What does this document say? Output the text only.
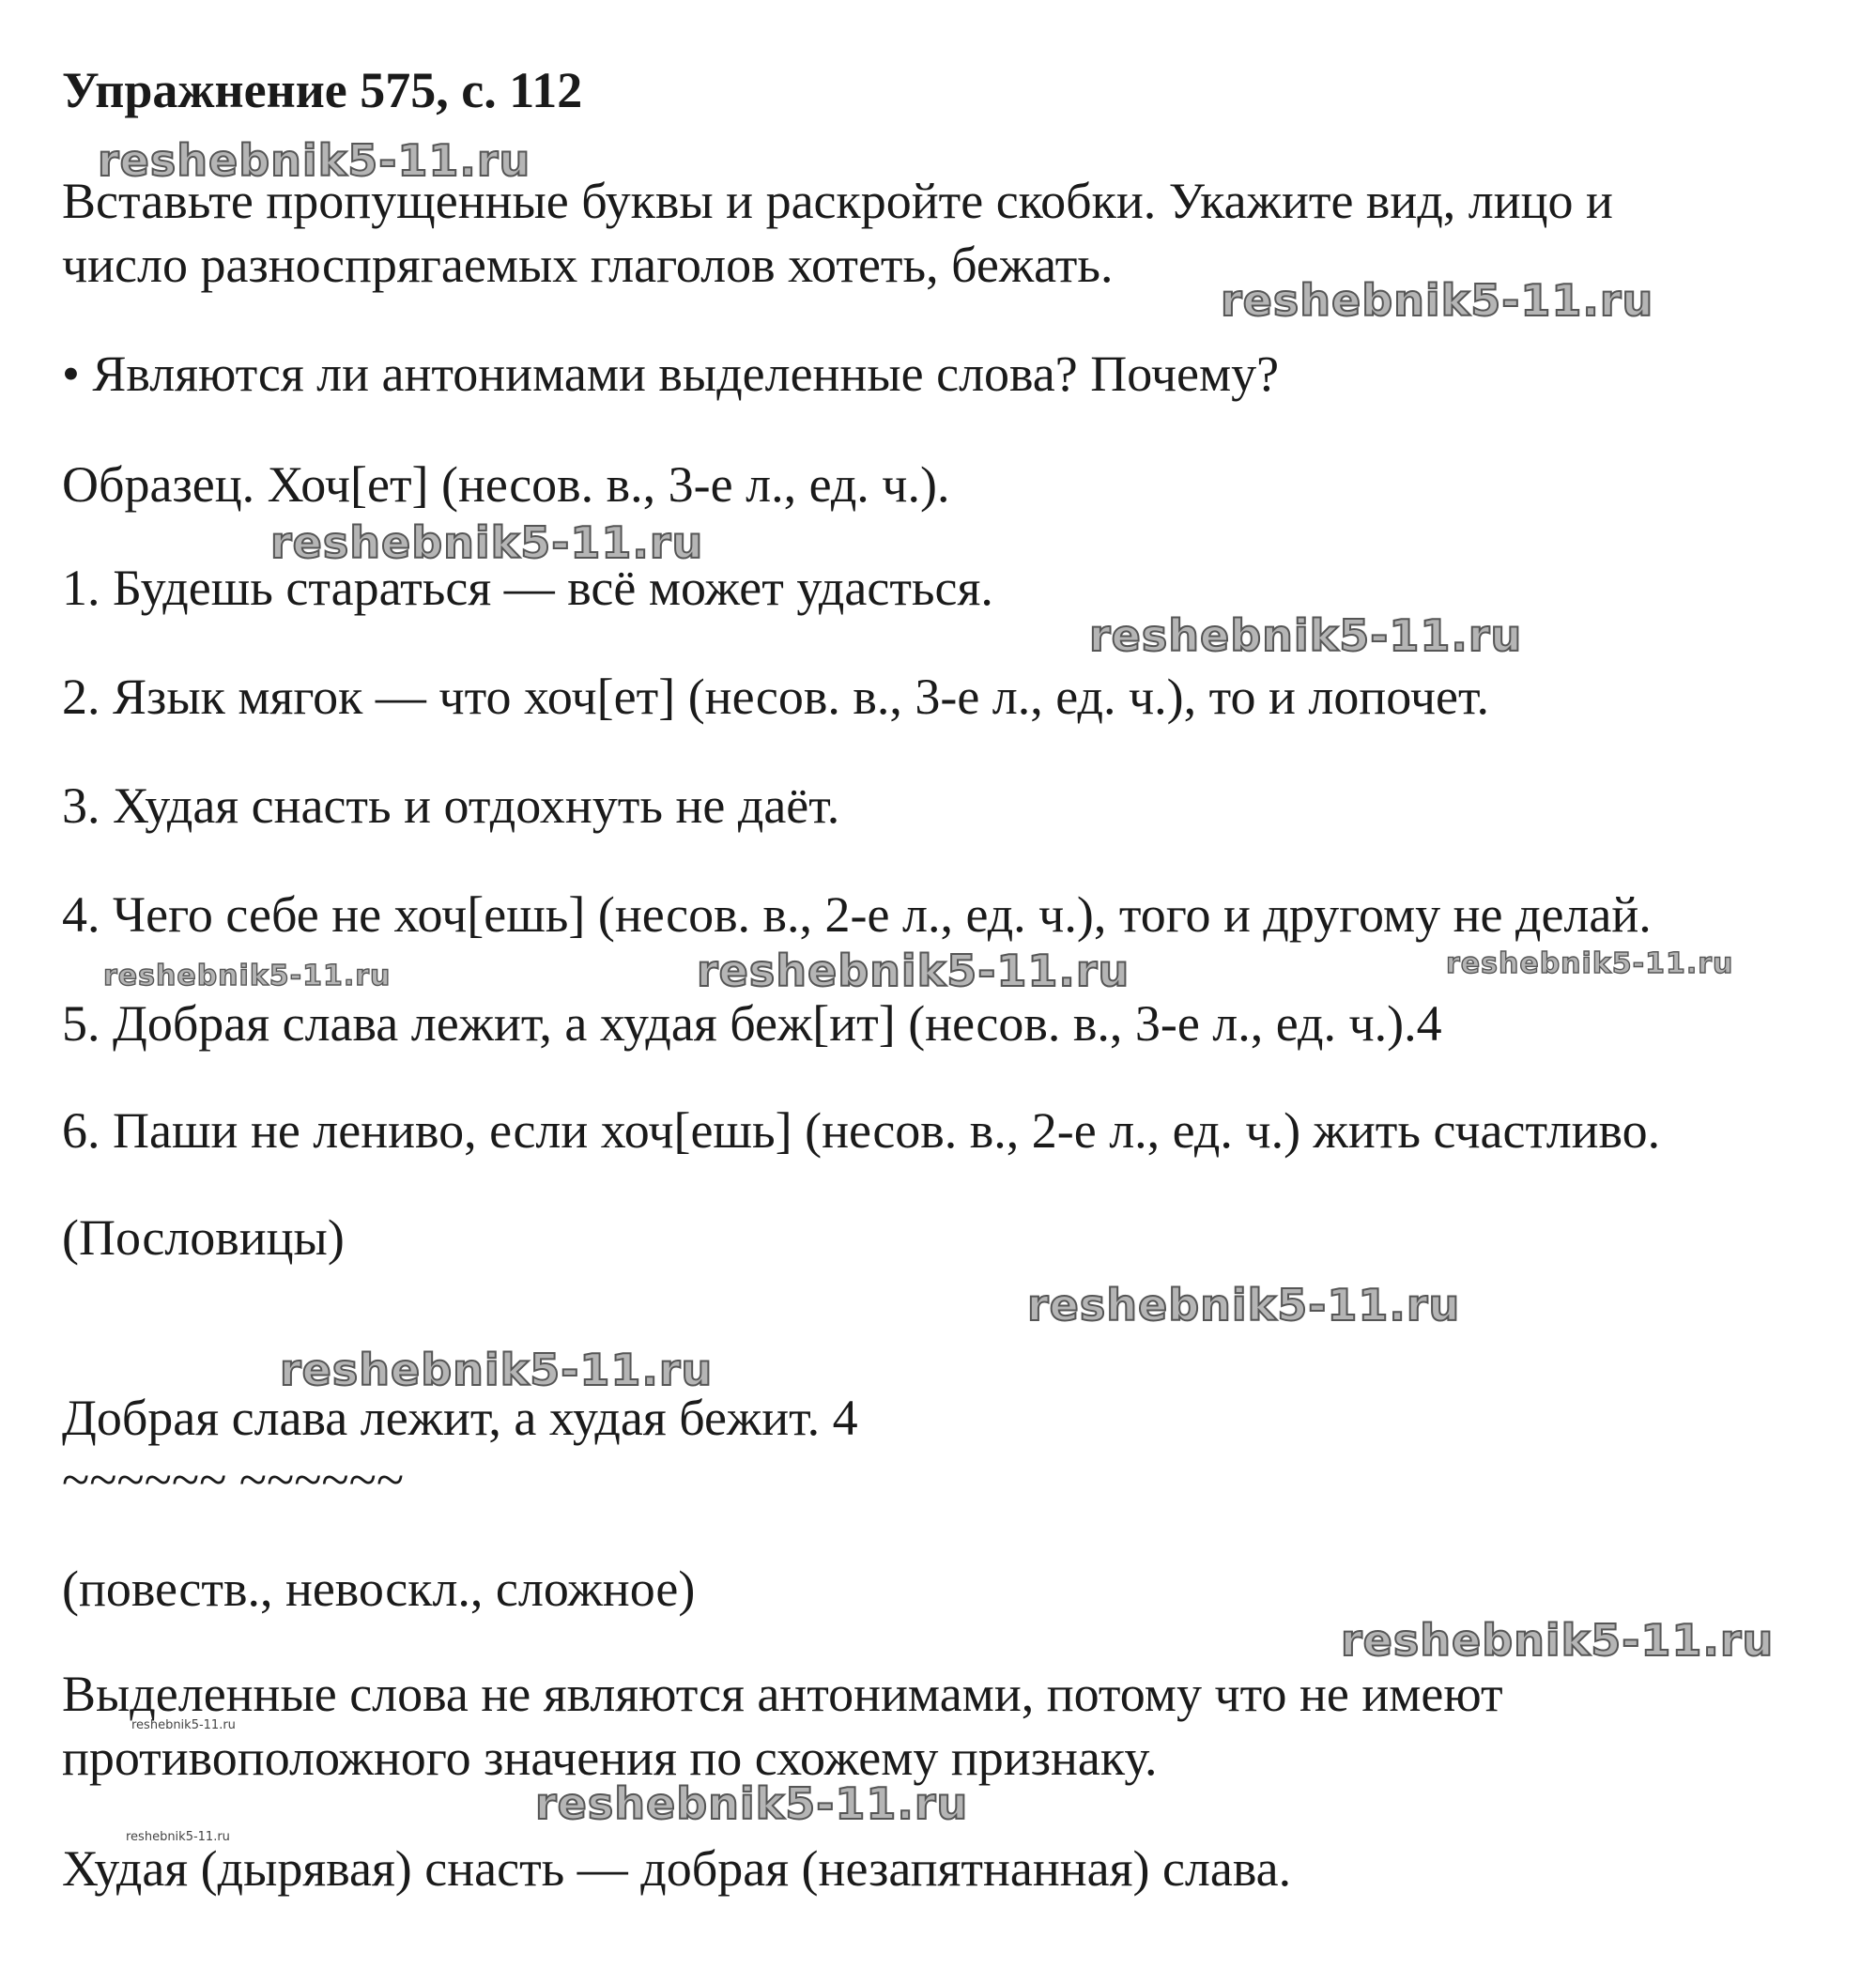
reshebnik5-11.ru
reshebnik5-11.ru
reshebnik5-11.ru
reshebnik5-11.ru
reshebnik5-11.ru	reshebnik5-11.ru	reshebnik5-11.ru
reshebnik5-11.ru
reshebnik5-11.ru
reshebnik5-11.ru
reshebnik5-11.ru
reshebnik5-11.ru
reshebnik5-11.ru
Упражнение 575, с. 112
Вставьте пропущенные буквы и раскройте скобки. Укажите вид, лицо и
число разноспрягаемых глаголов хотеть, бежать.
• Являются ли антонимами выделенные слова? Почему?
Образец. Хоч[ет] (несов. в., 3-е л., ед. ч.).
1. Будешь стараться — всё может удасться.
2. Язык мягок — что хоч[ет] (несов. в., 3-е л., ед. ч.), то и лопочет.
3. Худая снасть и отдохнуть не даёт.
4. Чего себе не хоч[ешь] (несов. в., 2-е л., ед. ч.), того и другому не делай.
5. Добрая слава лежит, а худая беж[ит] (несов. в., 3-е л., ед. ч.).4
6. Паши не лениво, если хоч[ешь] (несов. в., 2-е л., ед. ч.) жить счастливо.
(Пословицы)
Добрая слава лежит, а худая бежит. 4
~~~~~~ ~~~~~~
(повеств., невоскл., сложное)
Выделенные слова не являются антонимами, потому что не имеют
противоположного значения по схожему признаку.
Худая (дырявая) снасть — добрая (незапятнанная) слава.
